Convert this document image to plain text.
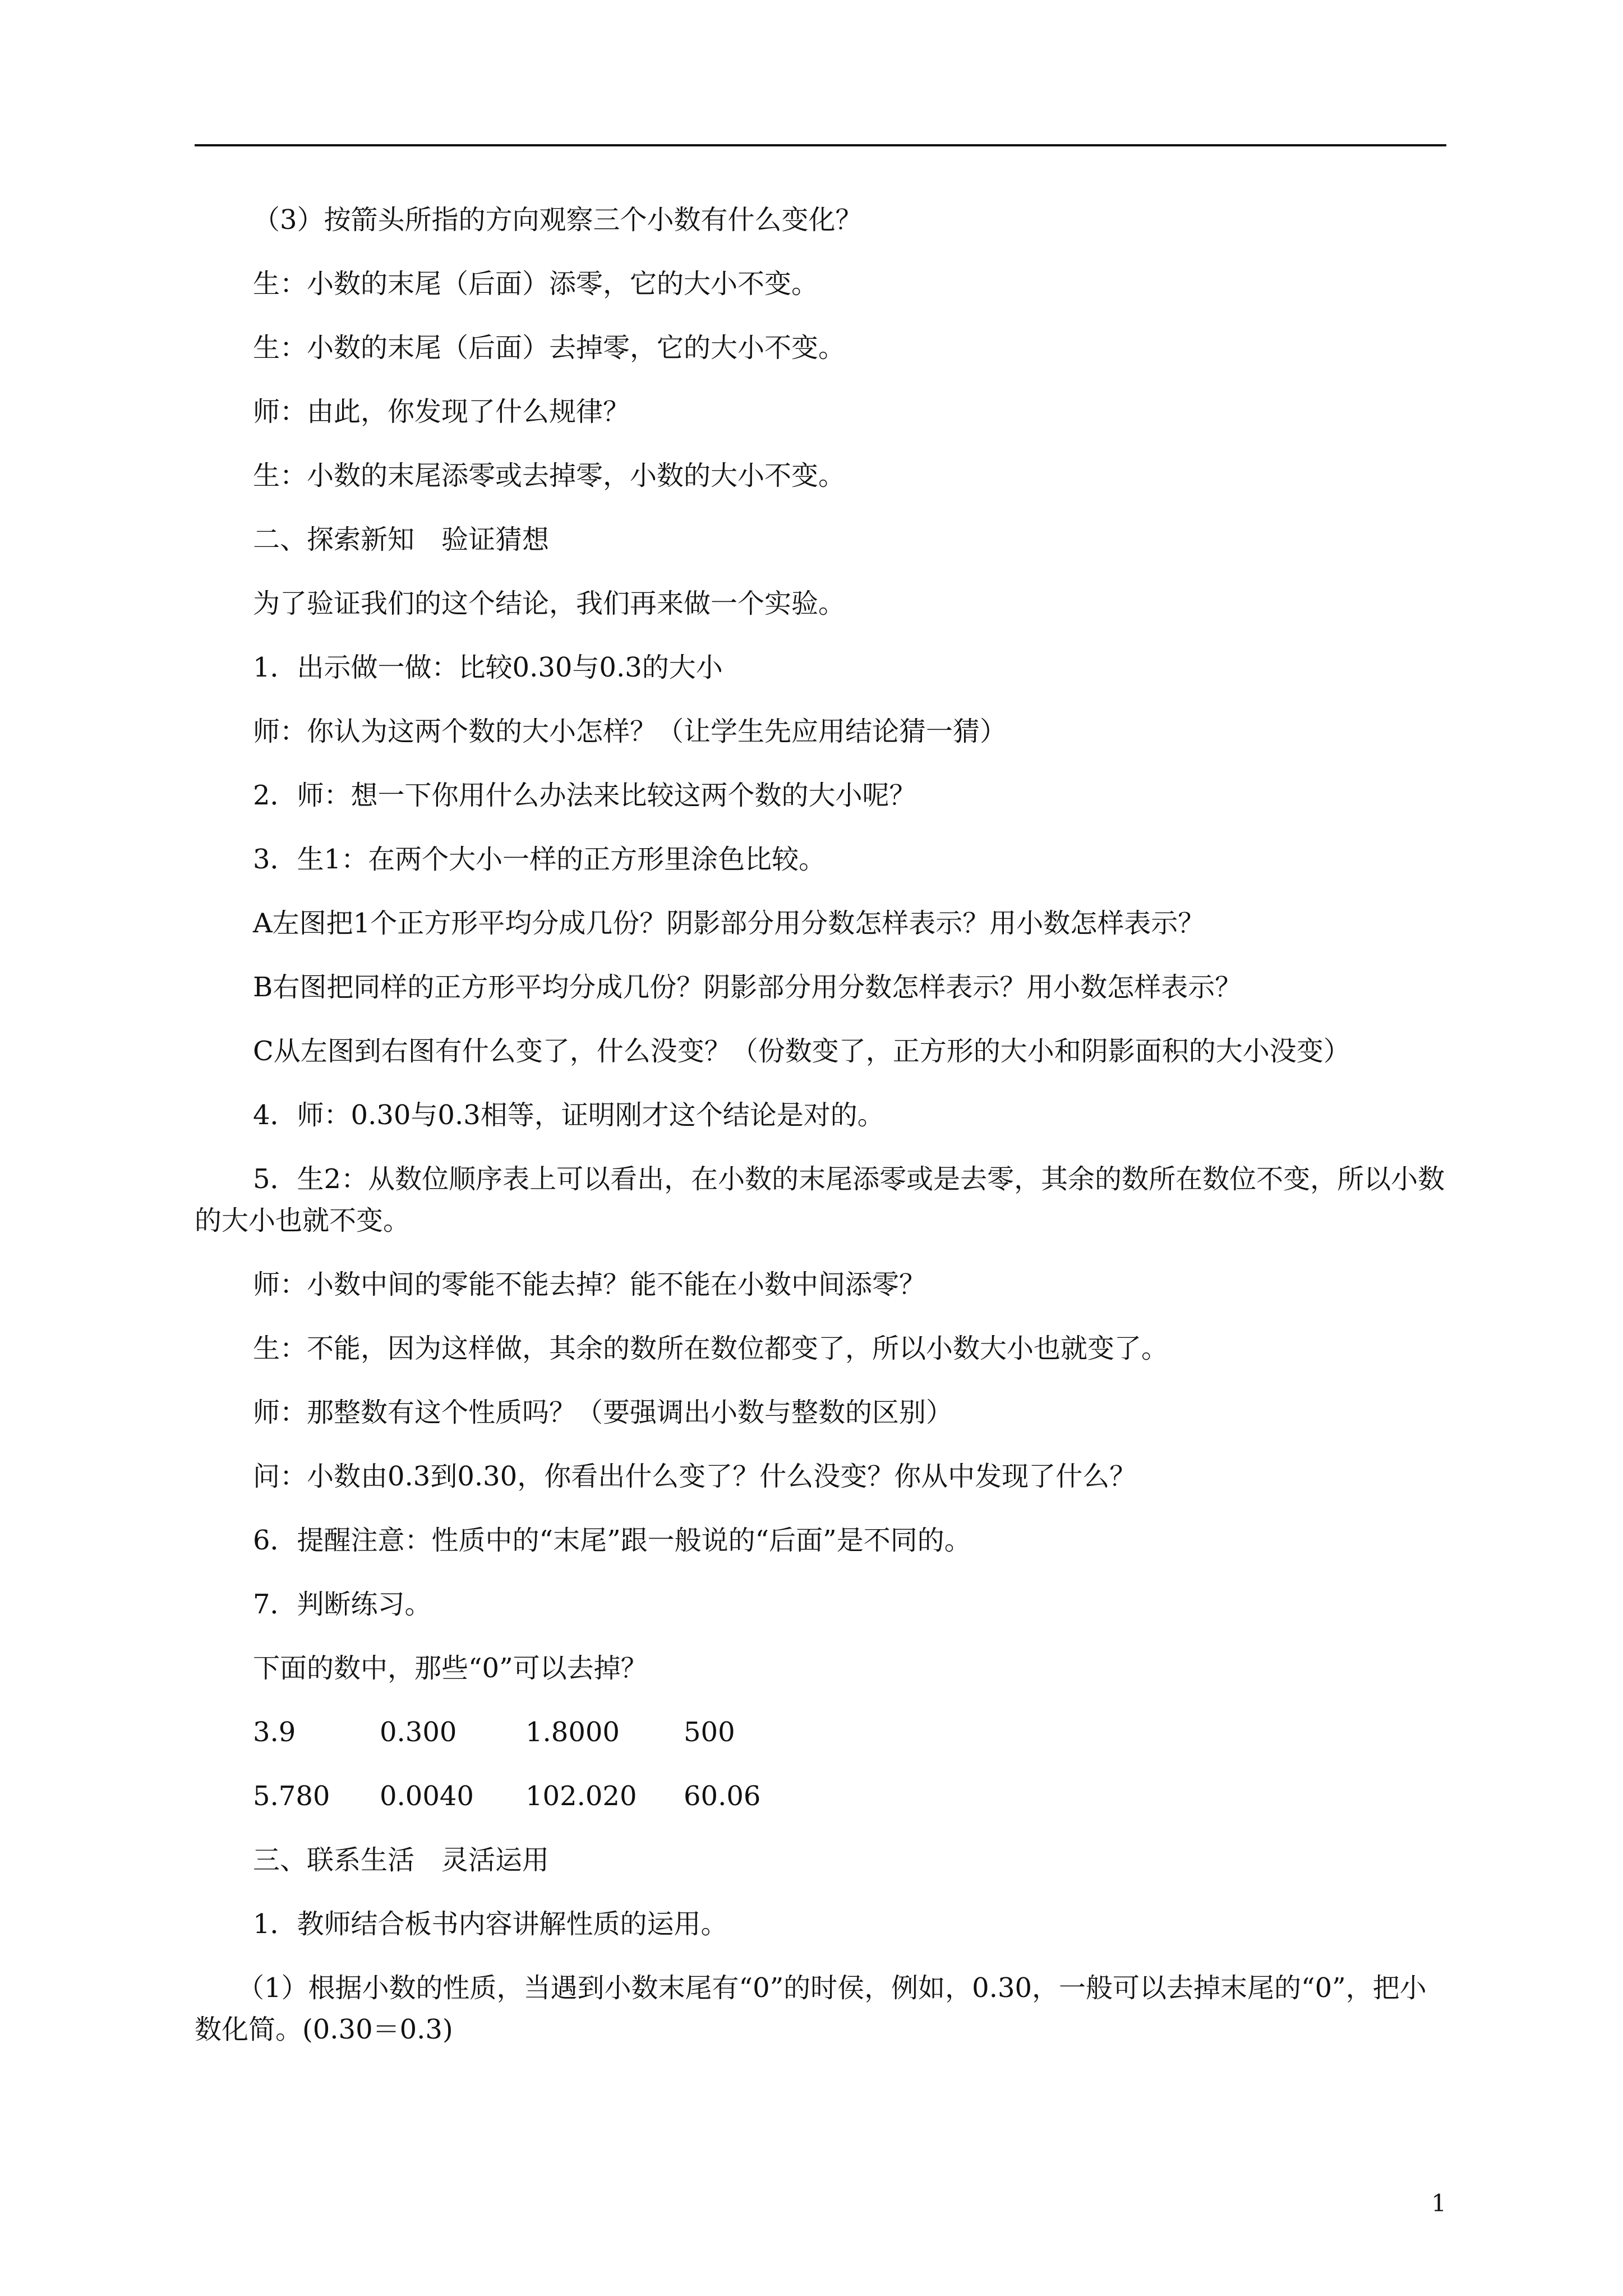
（3）按箭头所指的方向观察三个小数有什么变化？

生：小数的末尾（后面）添零，它的大小不变。

生：小数的末尾（后面）去掉零，它的大小不变。

师：由此，你发现了什么规律？

生：小数的末尾添零或去掉零，小数的大小不变。

二、探索新知　验证猜想

为了验证我们的这个结论，我们再来做一个实验。

1．出示做一做：比较0.30与0.3的大小

师：你认为这两个数的大小怎样？（让学生先应用结论猜一猜）

2．师：想一下你用什么办法来比较这两个数的大小呢？

3．生1：在两个大小一样的正方形里涂色比较。

A左图把1个正方形平均分成几份？阴影部分用分数怎样表示？用小数怎样表示？

B右图把同样的正方形平均分成几份？阴影部分用分数怎样表示？用小数怎样表示？

C从左图到右图有什么变了，什么没变？（份数变了，正方形的大小和阴影面积的大小没变）

4．师：0.30与0.3相等，证明刚才这个结论是对的。

5．生2：从数位顺序表上可以看出，在小数的末尾添零或是去零，其余的数所在数位不变，所以小数的大小也就不变。

师：小数中间的零能不能去掉？能不能在小数中间添零？

生：不能，因为这样做，其余的数所在数位都变了，所以小数大小也就变了。

师：那整数有这个性质吗？（要强调出小数与整数的区别）

问：小数由0.3到0.30，你看出什么变了？什么没变？你从中发现了什么？

6．提醒注意：性质中的“末尾”跟一般说的“后面”是不同的。

7．判断练习。

下面的数中，那些“0”可以去掉？

3.9	0.300	1.8000 500
5.780 0.0040 102.020 60.06

三、联系生活　灵活运用

1．教师结合板书内容讲解性质的运用。

（1）根据小数的性质，当遇到小数末尾有“0”的时侯，例如，0.30，一般可以去掉末尾的“0”，把小数化简。(0.30＝0.3)

1
